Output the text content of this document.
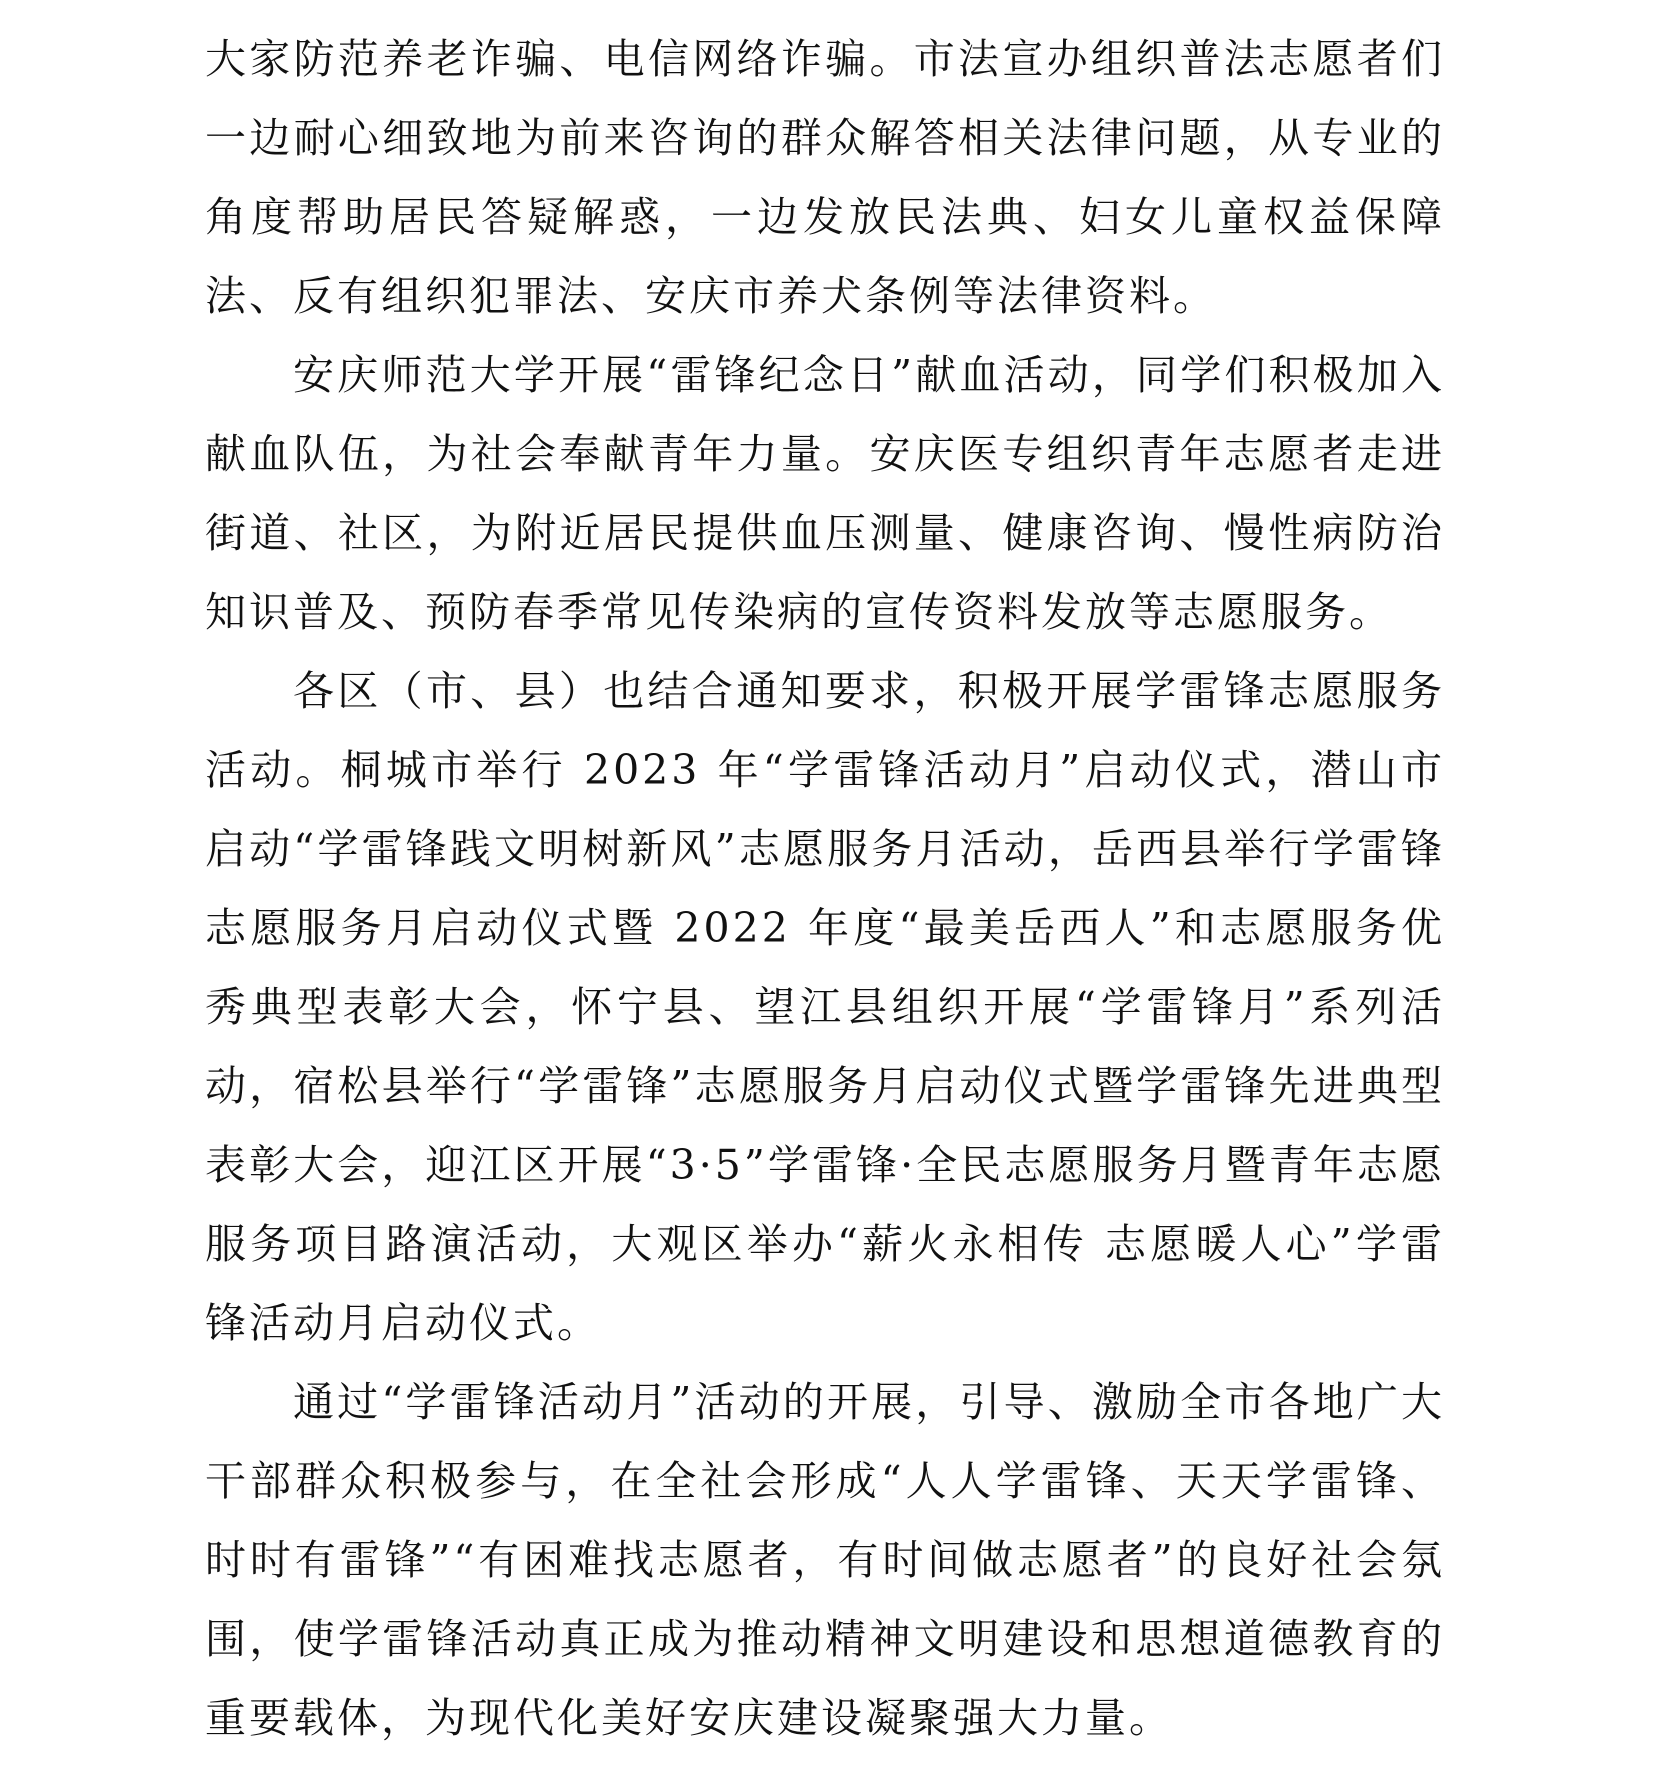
大家防范养老诈骗、电信网络诈骗。市法宣办组织普法志愿者们一边耐心细致地为前来咨询的群众解答相关法律问题，从专业的角度帮助居民答疑解惑，一边发放民法典、妇女儿童权益保障法、反有组织犯罪法、安庆市养犬条例等法律资料。

安庆师范大学开展“雷锋纪念日”献血活动，同学们积极加入献血队伍，为社会奉献青年力量。安庆医专组织青年志愿者走进街道、社区，为附近居民提供血压测量、健康咨询、慢性病防治知识普及、预防春季常见传染病的宣传资料发放等志愿服务。

各区（市、县）也结合通知要求，积极开展学雷锋志愿服务活动。桐城市举行 2023 年“学雷锋活动月”启动仪式，潜山市启动“学雷锋践文明树新风”志愿服务月活动，岳西县举行学雷锋志愿服务月启动仪式暨 2022 年度“最美岳西人”和志愿服务优秀典型表彰大会，怀宁县、望江县组织开展“学雷锋月”系列活动，宿松县举行“学雷锋”志愿服务月启动仪式暨学雷锋先进典型表彰大会，迎江区开展“3·5”学雷锋·全民志愿服务月暨青年志愿服务项目路演活动，大观区举办“薪火永相传 志愿暖人心”学雷锋活动月启动仪式。

通过“学雷锋活动月”活动的开展，引导、激励全市各地广大干部群众积极参与，在全社会形成“人人学雷锋、天天学雷锋、时时有雷锋”“有困难找志愿者，有时间做志愿者”的良好社会氛围，使学雷锋活动真正成为推动精神文明建设和思想道德教育的重要载体，为现代化美好安庆建设凝聚强大力量。
